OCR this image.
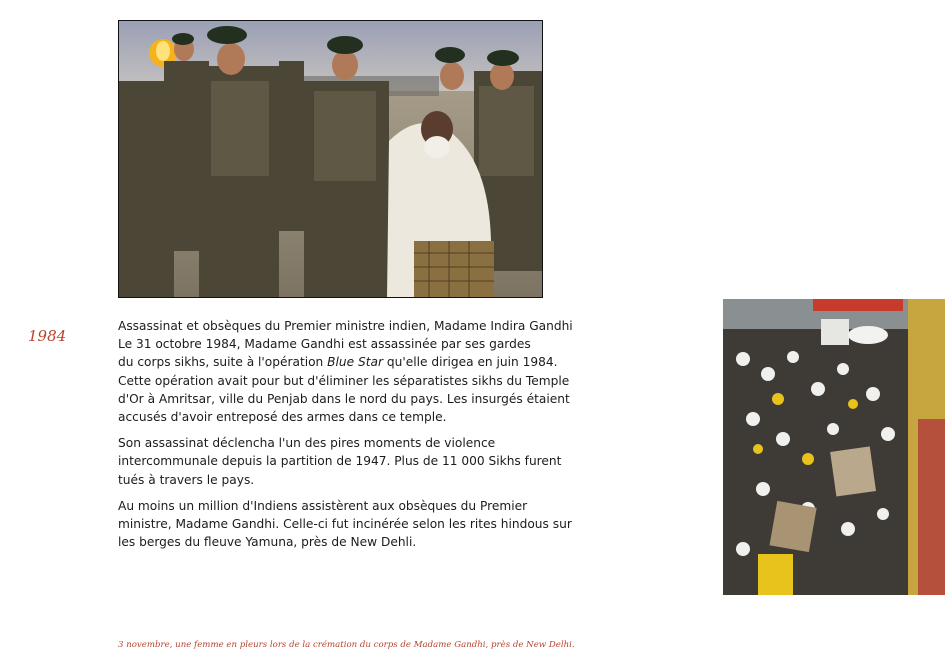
1984

Assassinat et obsèques du Premier ministre indien, Madame Indira Gandhi
Le 31 octobre 1984, Madame Gandhi est assassinée par ses gardes
du corps sikhs, suite à l'opération Blue Star qu'elle dirigea en juin 1984.
Cette opération avait pour but d'éliminer les séparatistes sikhs du Temple
d'Or à Amritsar, ville du Penjab dans le nord du pays. Les insurgés étaient
accusés d'avoir entreposé des armes dans ce temple.

Son assassinat déclencha l'un des pires moments de violence
intercommunale depuis la partition de 1947. Plus de 11 000 Sikhs furent
tués à travers le pays.

Au moins un million d'Indiens assistèrent aux obsèques du Premier
ministre, Madame Gandhi. Celle-ci fut incinérée selon les rites hindous sur
les berges du fleuve Yamuna, près de New Dehli.

3 novembre, une femme en pleurs lors de la crémation du corps de Madame Gandhi, près de New Delhi.
